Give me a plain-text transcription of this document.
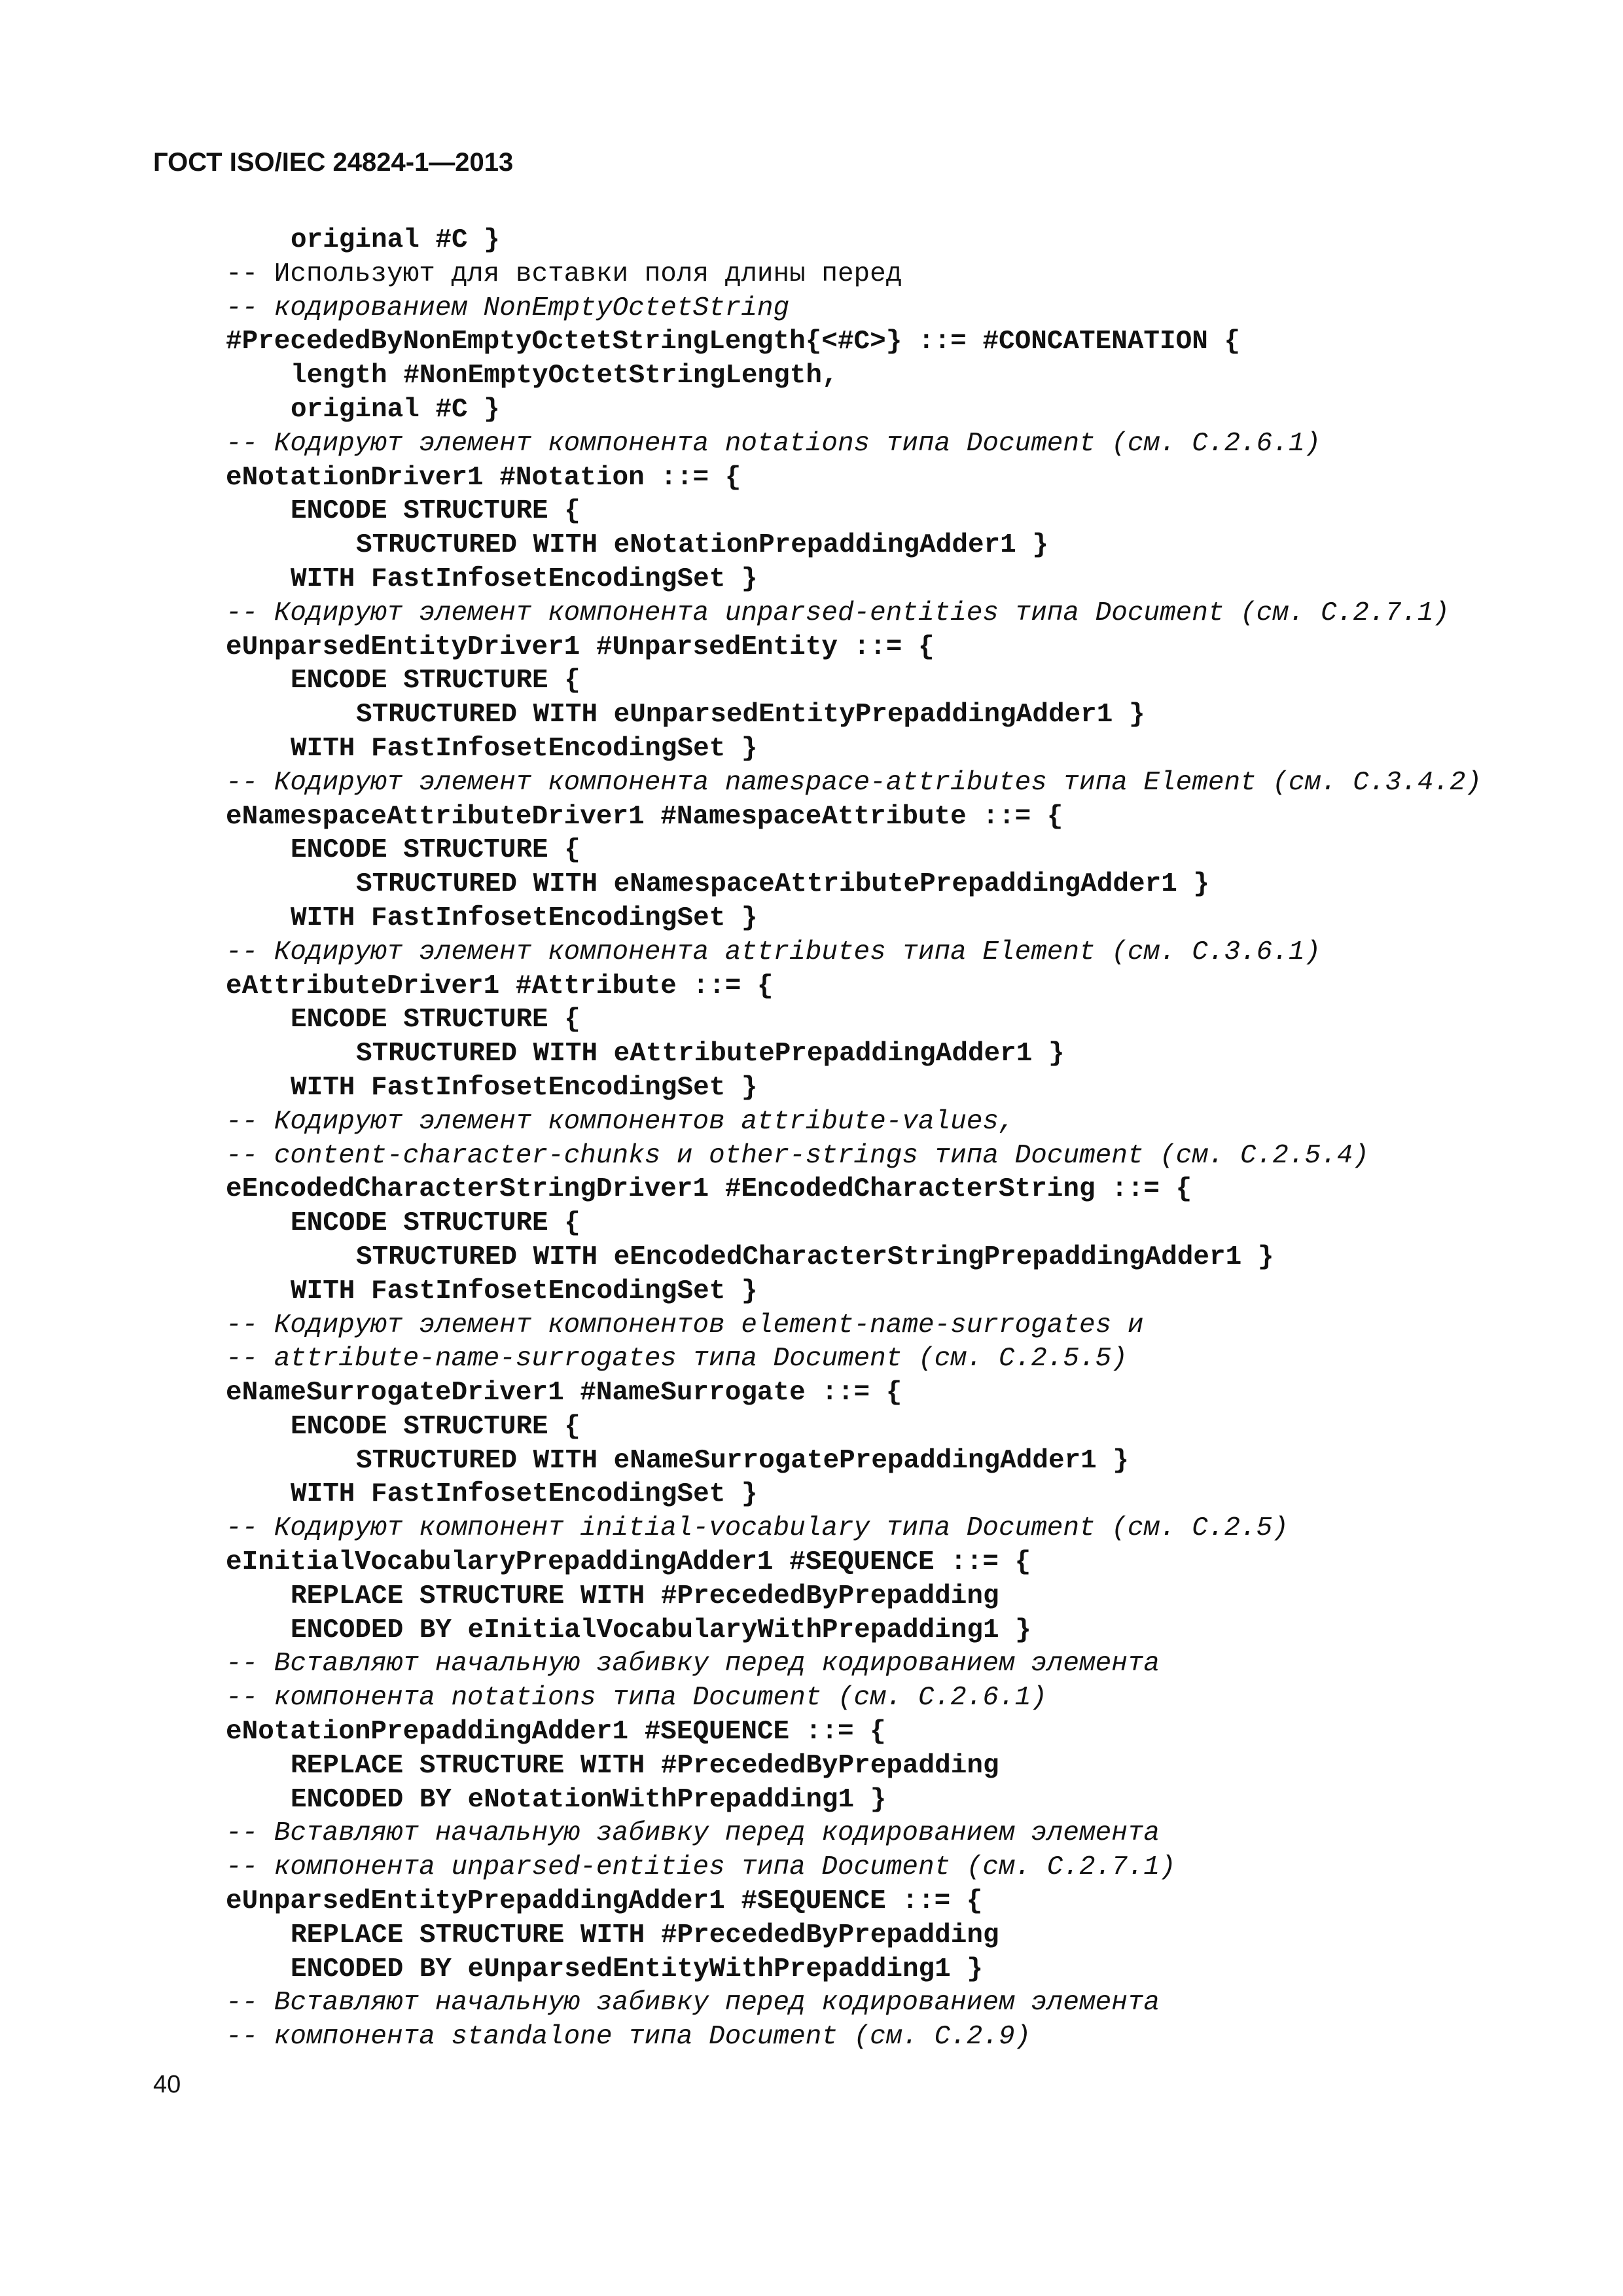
ГОСТ ISO/IEC 24824-1—2013
original #C }
-- Используют для вставки поля длины перед
-- кодированием NonEmptyOctetString
#PrecededByNonEmptyOctetStringLength{<#C>} ::= #CONCATENATION {
length #NonEmptyOctetStringLength,
original #C }
-- Кодируют элемент компонента notations типа Document (см. С.2.6.1)
eNotationDriver1 #Notation ::= {
ENCODE STRUCTURE {
STRUCTURED WITH eNotationPrepaddingAdder1 }
WITH FastInfosetEncodingSet }
-- Кодируют элемент компонента unparsed-entities типа Document (см. С.2.7.1)
eUnparsedEntityDriver1 #UnparsedEntity ::= {
ENCODE STRUCTURE {
STRUCTURED WITH eUnparsedEntityPrepaddingAdder1 }
WITH FastInfosetEncodingSet }
-- Кодируют элемент компонента namespace-attributes типа Element (см. С.3.4.2)
eNamespaceAttributeDriver1 #NamespaceAttribute ::= {
ENCODE STRUCTURE {
STRUCTURED WITH eNamespaceAttributePrepaddingAdder1 }
WITH FastInfosetEncodingSet }
-- Кодируют элемент компонента attributes типа Element (см. С.3.6.1)
eAttributeDriver1 #Attribute ::= {
ENCODE STRUCTURE {
STRUCTURED WITH eAttributePrepaddingAdder1 }
WITH FastInfosetEncodingSet }
-- Кодируют элемент компонентов attribute-values,
-- content-character-chunks и other-strings типа Document (см. С.2.5.4)
eEncodedCharacterStringDriver1 #EncodedCharacterString ::= {
ENCODE STRUCTURE {
STRUCTURED WITH eEncodedCharacterStringPrepaddingAdder1 }
WITH FastInfosetEncodingSet }
-- Кодируют элемент компонентов element-name-surrogates и
-- attribute-name-surrogates типа Document (см. С.2.5.5)
eNameSurrogateDriver1 #NameSurrogate ::= {
ENCODE STRUCTURE {
STRUCTURED WITH eNameSurrogatePrepaddingAdder1 }
WITH FastInfosetEncodingSet }
-- Кодируют компонент initial-vocabulary типа Document (см. С.2.5)
eInitialVocabularyPrepaddingAdder1 #SEQUENCE ::= {
REPLACE STRUCTURE WITH #PrecededByPrepadding
ENCODED BY eInitialVocabularyWithPrepadding1 }
-- Вставляют начальную забивку перед кодированием элемента
-- компонента notations типа Document (см. С.2.6.1)
eNotationPrepaddingAdder1 #SEQUENCE ::= {
REPLACE STRUCTURE WITH #PrecededByPrepadding
ENCODED BY eNotationWithPrepadding1 }
-- Вставляют начальную забивку перед кодированием элемента
-- компонента unparsed-entities типа Document (см. С.2.7.1)
eUnparsedEntityPrepaddingAdder1 #SEQUENCE ::= {
REPLACE STRUCTURE WITH #PrecededByPrepadding
ENCODED BY eUnparsedEntityWithPrepadding1 }
-- Вставляют начальную забивку перед кодированием элемента
-- компонента standalone типа Document (см. С.2.9)
40
